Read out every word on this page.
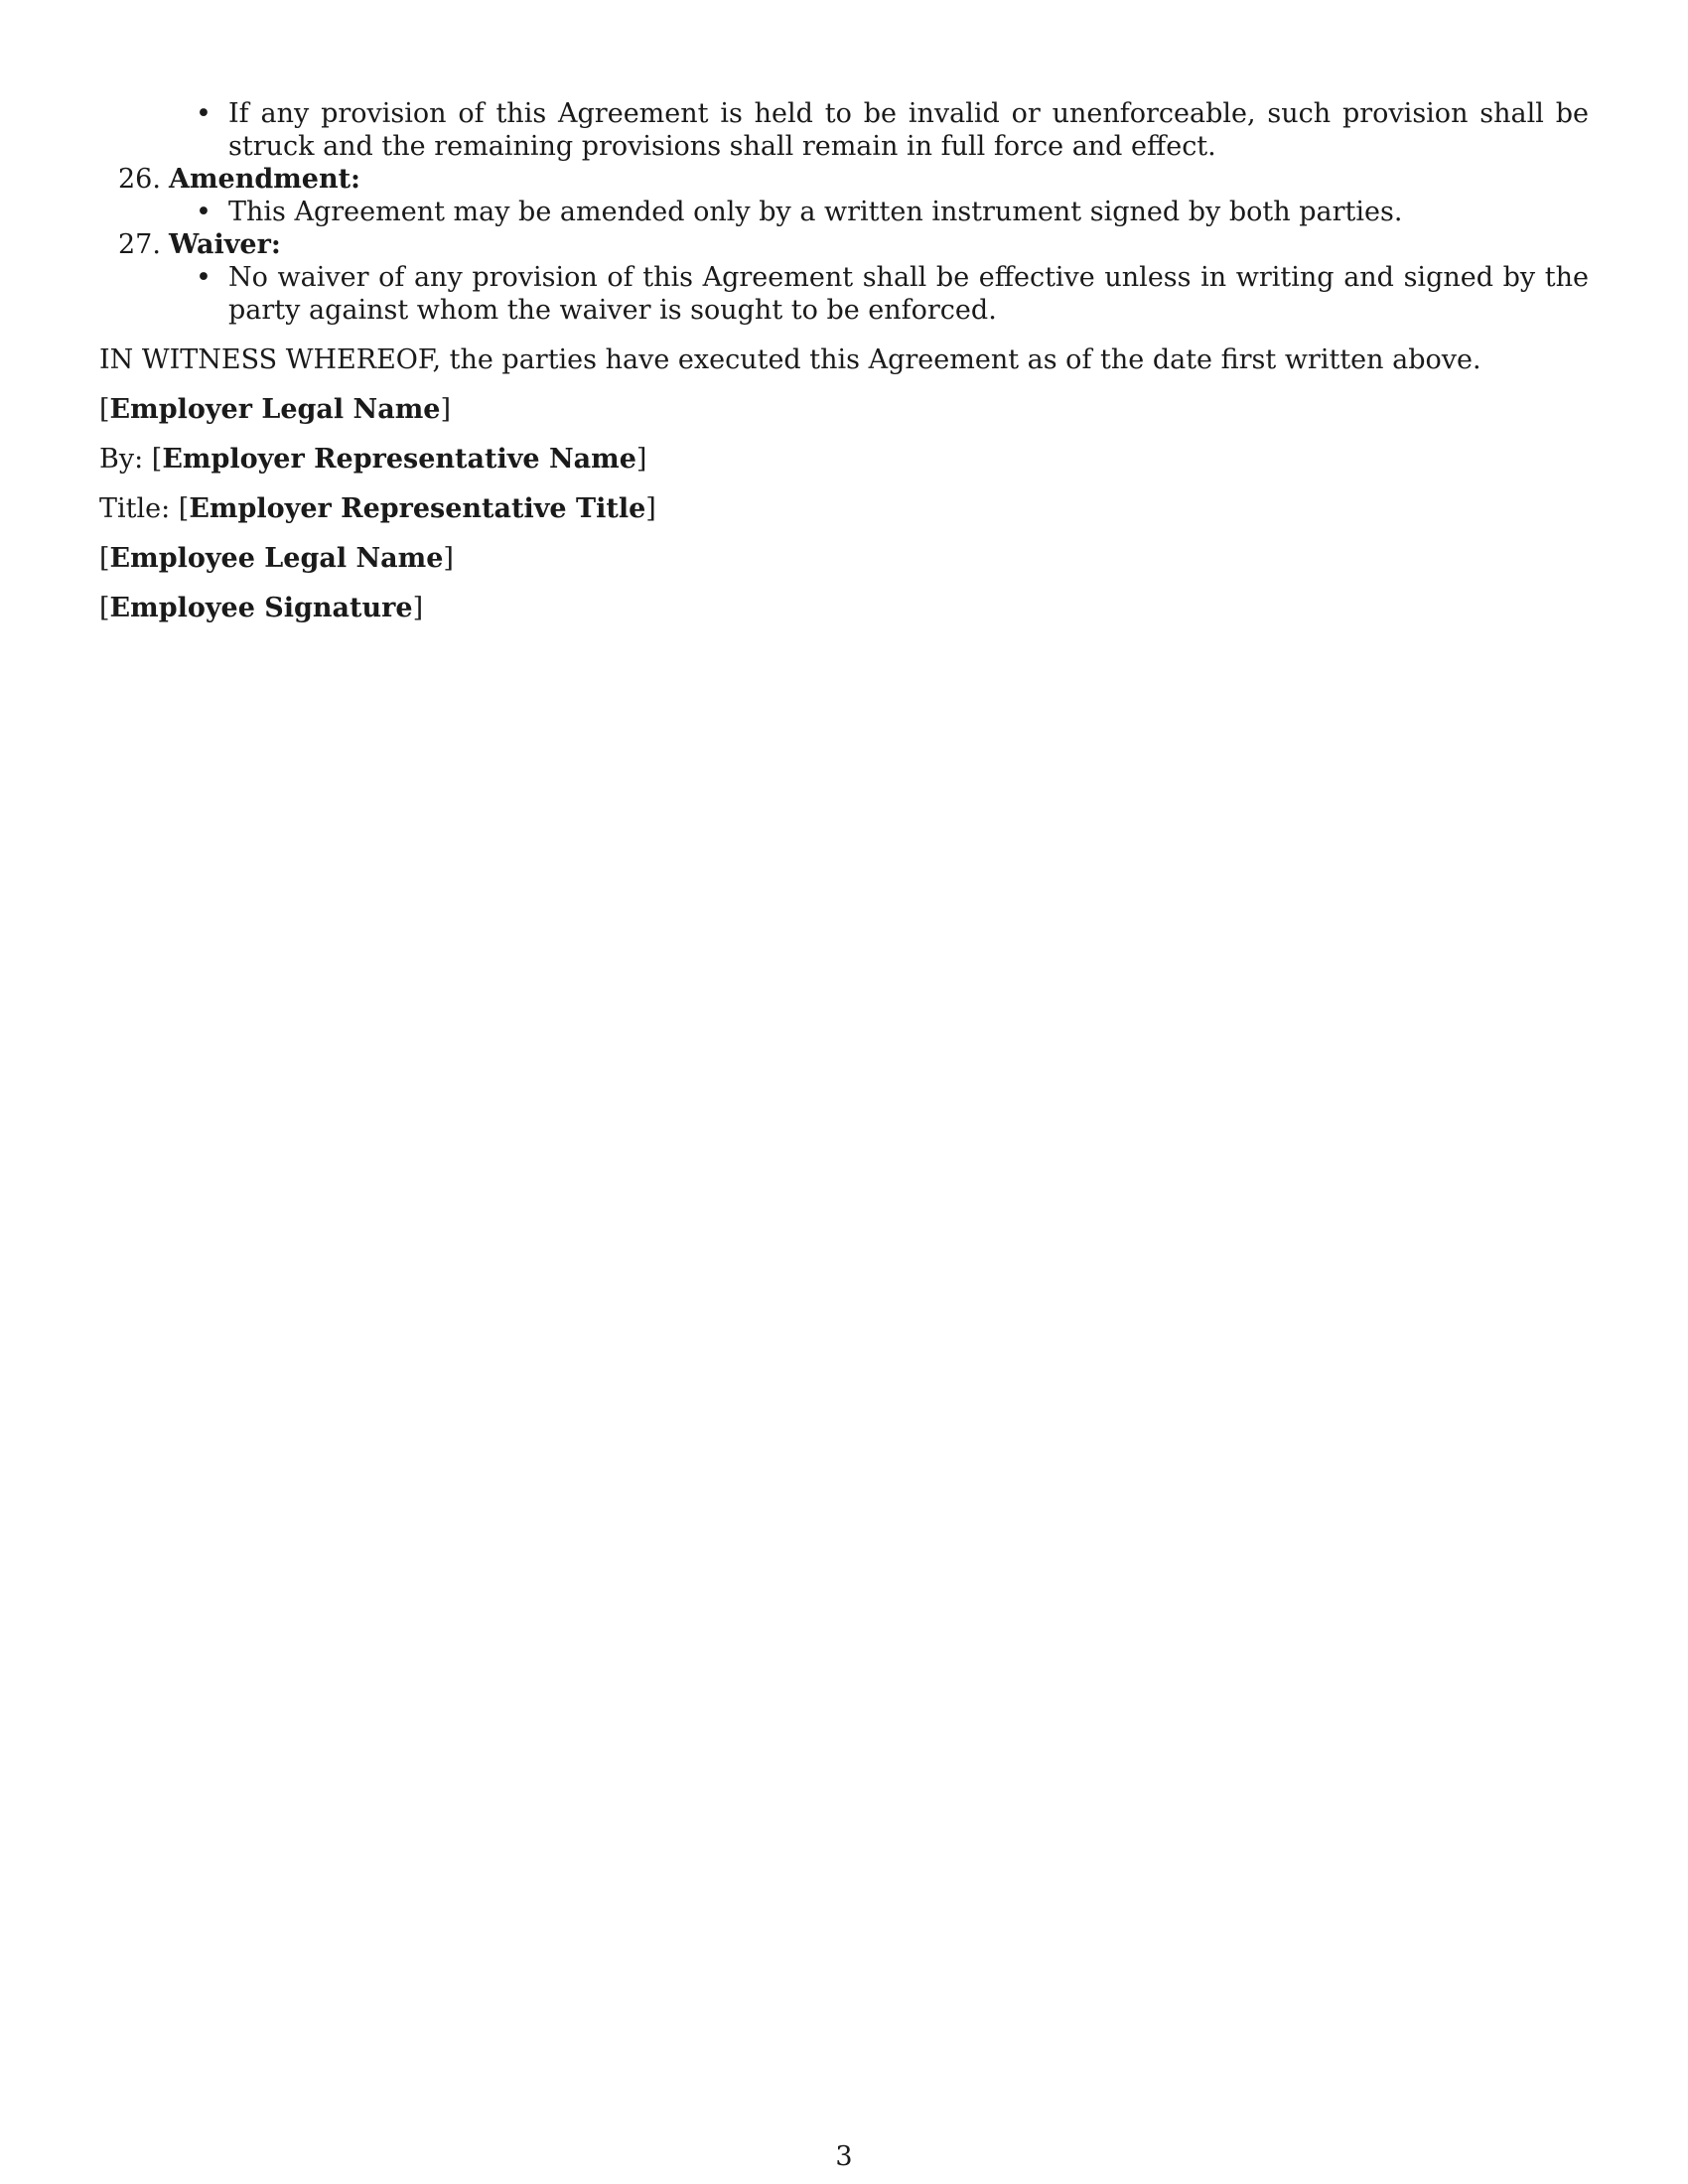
• If any provision of this Agreement is held to be invalid or unenforceable, such provision shall be struck and the remaining provisions shall remain in full force and effect.
26. Amendment:
• This Agreement may be amended only by a written instrument signed by both parties.
27. Waiver:
• No waiver of any provision of this Agreement shall be effective unless in writing and signed by the party against whom the waiver is sought to be enforced.
IN WITNESS WHEREOF, the parties have executed this Agreement as of the date first written above.
[Employer Legal Name]
By: [Employer Representative Name]
Title: [Employer Representative Title]
[Employee Legal Name]
[Employee Signature]
3
